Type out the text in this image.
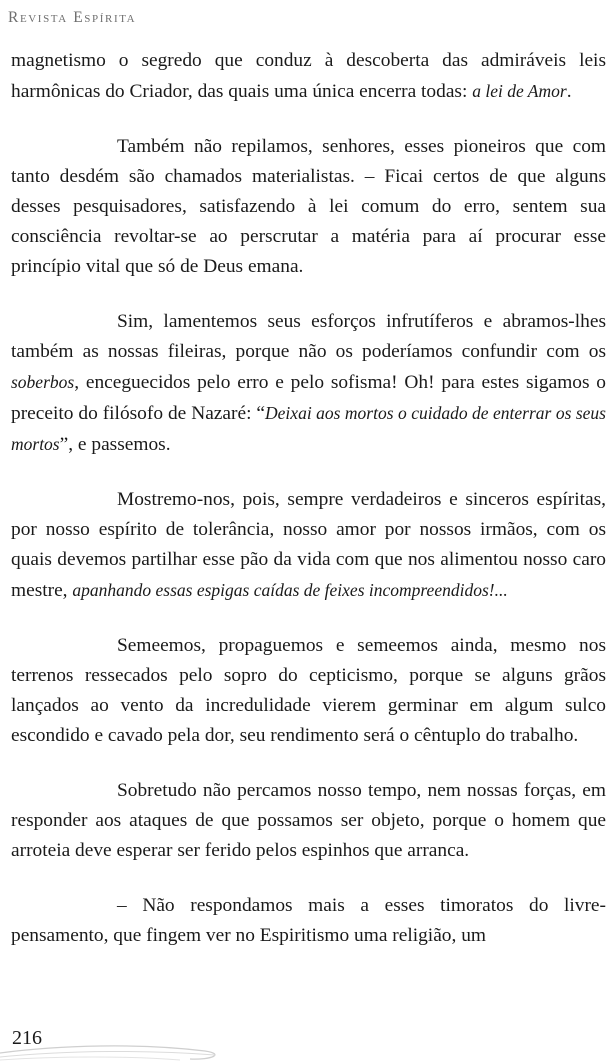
Revista Espírita

magnetismo o segredo que conduz à descoberta das admiráveis leis harmônicas do Criador, das quais uma única encerra todas: a lei de Amor.

Também não repilamos, senhores, esses pioneiros que com tanto desdém são chamados materialistas. – Ficai certos de que alguns desses pesquisadores, satisfazendo à lei comum do erro, sentem sua consciência revoltar-se ao perscrutar a matéria para aí procurar esse princípio vital que só de Deus emana.

Sim, lamentemos seus esforços infrutíferos e abramos-lhes também as nossas fileiras, porque não os poderíamos confundir com os soberbos, enceguecidos pelo erro e pelo sofisma! Oh! para estes sigamos o preceito do filósofo de Nazaré: “Deixai aos mortos o cuidado de enterrar os seus mortos”, e passemos.

Mostremo-nos, pois, sempre verdadeiros e sinceros espíritas, por nosso espírito de tolerância, nosso amor por nossos irmãos, com os quais devemos partilhar esse pão da vida com que nos alimentou nosso caro mestre, apanhando essas espigas caídas de feixes incompreendidos!...

Semeemos, propaguemos e semeemos ainda, mesmo nos terrenos ressecados pelo sopro do cepticismo, porque se alguns grãos lançados ao vento da incredulidade vierem germinar em algum sulco escondido e cavado pela dor, seu rendimento será o cêntuplo do trabalho.

Sobretudo não percamos nosso tempo, nem nossas forças, em responder aos ataques de que possamos ser objeto, porque o homem que arroteia deve esperar ser ferido pelos espinhos que arranca.

– Não respondamos mais a esses timoratos do livre-pensamento, que fingem ver no Espiritismo uma religião, um

216
